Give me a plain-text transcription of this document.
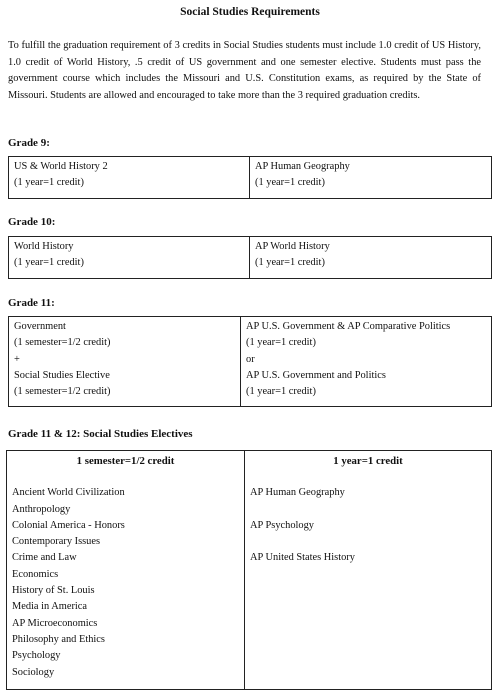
Social Studies Requirements
To fulfill the graduation requirement of 3 credits in Social Studies students must include 1.0 credit of US History, 1.0 credit of World History, .5 credit of US government and one semester elective. Students must pass the government course which includes the Missouri and U.S. Constitution exams, as required by the State of Missouri. Students are allowed and encouraged to take more than the 3 required graduation credits.
Grade 9:
US & World History 2
(1 year=1 credit)

AP Human Geography
(1 year=1 credit)
Grade 10:
World History
(1 year=1 credit)

AP World History
(1 year=1 credit)
Grade 11:
Government
(1 semester=1/2 credit)
+
Social Studies Elective
(1 semester=1/2 credit)

AP U.S. Government & AP Comparative Politics
(1 year=1 credit)
or
AP U.S. Government and Politics
(1 year=1 credit)
Grade 11 & 12: Social Studies Electives
1 semester=1/2 credit
Ancient World Civilization
Anthropology
Colonial America - Honors
Contemporary Issues
Crime and Law
Economics
History of St. Louis
Media in America
AP Microeconomics
Philosophy and Ethics
Psychology
Sociology

1 year=1 credit
AP Human Geography
AP Psychology
AP United States History
